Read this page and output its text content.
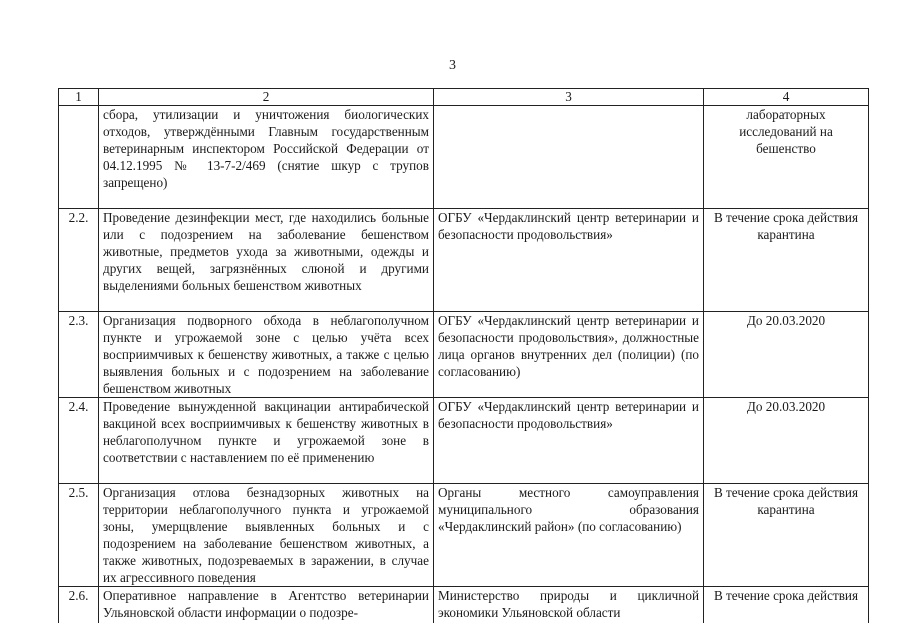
3
1	2	3	4
	сбора, утилизации и уничтожения биологических отходов, утверждёнными Главным государственным ветеринарным инспектором Российской Федерации от 04.12.1995 № 13-7-2/469 (снятие шкур с трупов запрещено)		лабораторных исследований на бешенство
2.2.	Проведение дезинфекции мест, где находились больные или с подозрением на заболевание бешенством животные, предметов ухода за животными, одежды и других вещей, загрязнённых слюной и другими выделениями больных бешенством животных	ОГБУ «Чердаклинский центр ветеринарии и безопасности продовольствия»	В течение срока действия карантина
2.3.	Организация подворного обхода в неблагополучном пункте и угрожаемой зоне с целью учёта всех восприимчивых к бешенству животных, а также с целью выявления больных и с подозрением на заболевание бешенством животных	ОГБУ «Чердаклинский центр ветеринарии и безопасности продовольствия», должностные лица органов внутренних дел (полиции) (по согласованию)	До 20.03.2020
2.4.	Проведение вынужденной вакцинации антирабической вакциной всех восприимчивых к бешенству животных в неблагополучном пункте и угрожаемой зоне в соответствии с наставлением по её применению	ОГБУ «Чердаклинский центр ветеринарии и безопасности продовольствия»	До 20.03.2020
2.5.	Организация отлова безнадзорных животных на территории неблагополучного пункта и угрожаемой зоны, умерщвление выявленных больных и с подозрением на заболевание бешенством животных, а также животных, подозреваемых в заражении, в случае их агрессивного поведения	Органы местного самоуправления муниципального образования «Чердаклинский район» (по согласованию)	В течение срока действия карантина
2.6.	Оперативное направление в Агентство ветеринарии Ульяновской области информации о подозре-	Министерство природы и цикличной экономики Ульяновской области	В течение срока действия
